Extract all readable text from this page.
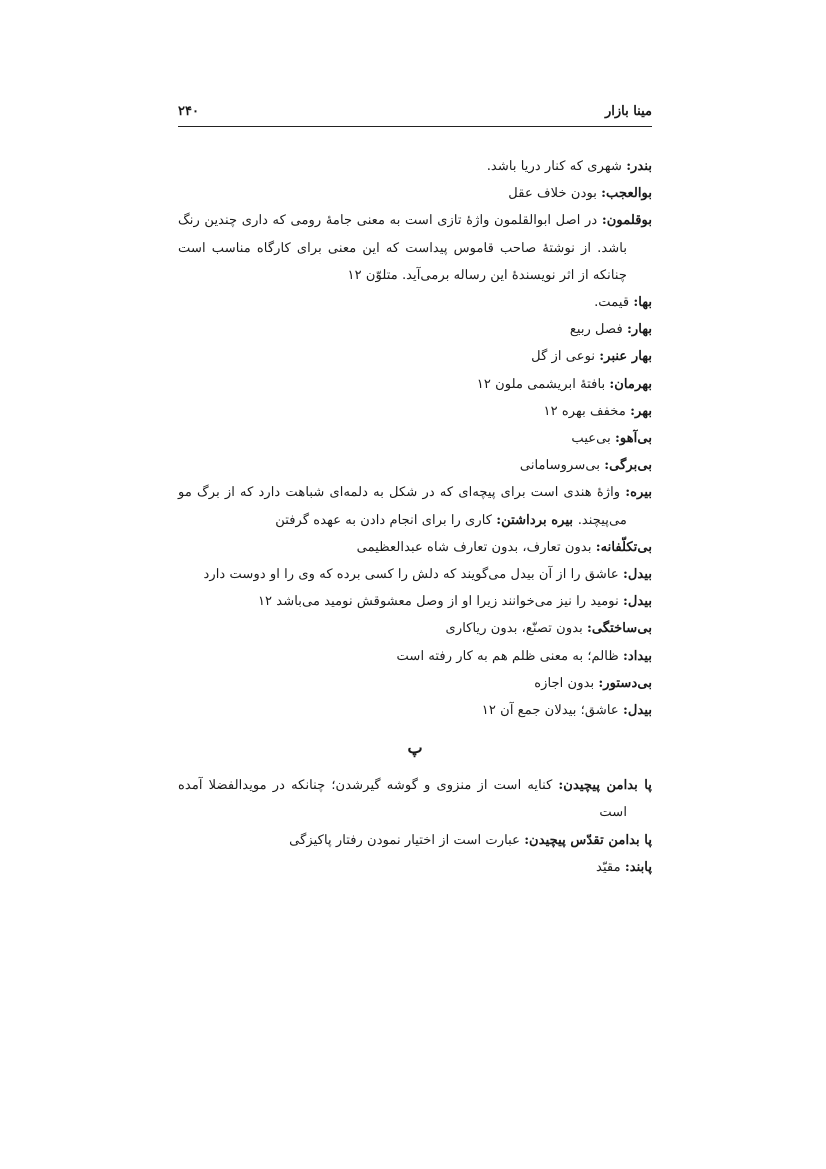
مینا بازار
۲۴۰
بندر: شهری که کنار دریا باشد.
بوالعجب: بودن خلاف عقل
بوقلمون: در اصل ابوالقلمون واژهٔ تازی است به معنی جامهٔ رومی که داری چندین رنگ باشد. از نوشتهٔ صاحب قاموس پیداست که این معنی برای کارگاه مناسب است چنانکه از اثر نویسندهٔ این رساله برمی‌آید. متلوّن ۱۲
بها: قیمت.
بهار: فصل ربیع
بهار عنبر: نوعی از گل
بهرمان: بافتهٔ ابریشمی ملون ۱۲
بهر: مخفف بهره ۱۲
بی‌آهو: بی‌عیب
بی‌برگی: بی‌سروسامانی
بیره: واژهٔ هندی است برای پیچه‌ای که در شکل به دلمه‌ای شباهت دارد که از برگ مو می‌پیچند. بیره برداشتن: کاری را برای انجام دادن به عهده گرفتن
بی‌تکلّفانه: بدون تعارف، بدون تعارف شاه عبدالعظیمی
بیدل: عاشق را از آن بیدل می‌گویند که دلش را کسی برده که وی را او دوست دارد
بیدل: نومید را نیز می‌خوانند زیرا او از وصل معشوقش نومید می‌باشد ۱۲
بی‌ساختگی: بدون تصنّع، بدون ریاکاری
بیداد: ظالم؛ به معنی ظلم هم به کار رفته است
بی‌دستور: بدون اجازه
بیدل: عاشق؛ بیدلان جمع آن ۱۲
پ
پا بدامن پیچیدن: کنایه است از منزوی و گوشه گیرشدن؛ چنانکه در مویدالفضلا آمده است
پا بدامن تقدّس پیچیدن: عبارت است از اختیار نمودن رفتار پاکیزگی
پابند: مقیّد
